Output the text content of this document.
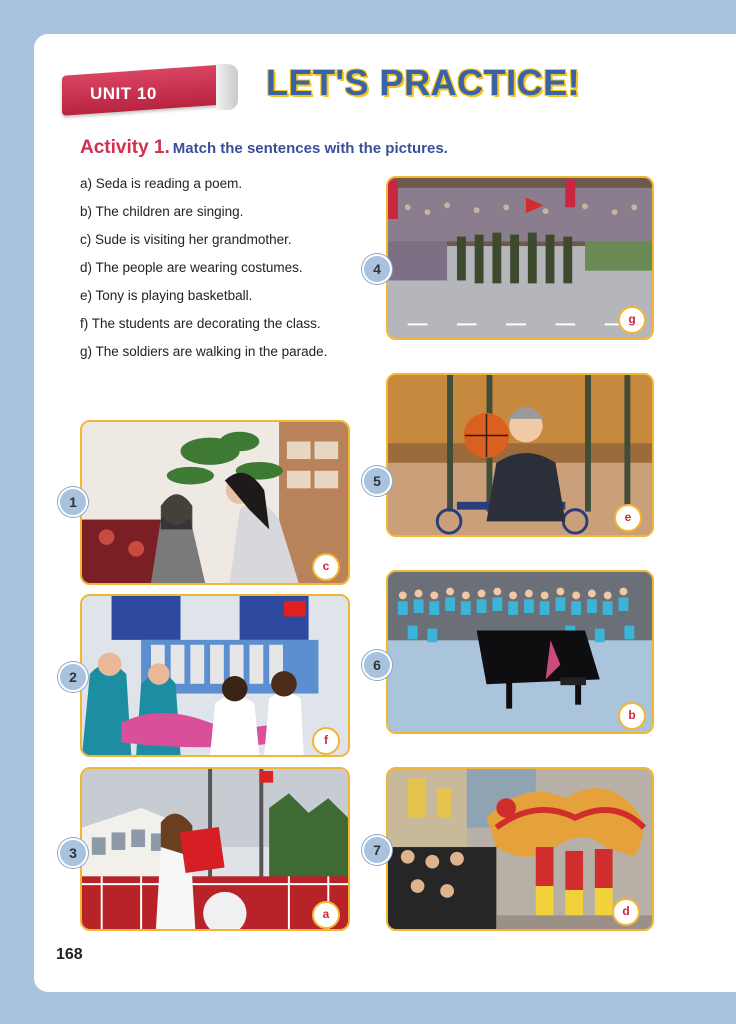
UNIT 10	LET'S PRACTICE!
Activity 1. Match the sentences with the pictures.
a) Seda is reading a poem.
b) The children are singing.
c) Sude is visiting her grandmother.
d) The people are wearing costumes.
e) Tony is playing basketball.
f) The students are decorating the class.
g) The soldiers are walking in the parade.
4
g
5
e
1
c
6
b
2
f
3
a
7
d
168
